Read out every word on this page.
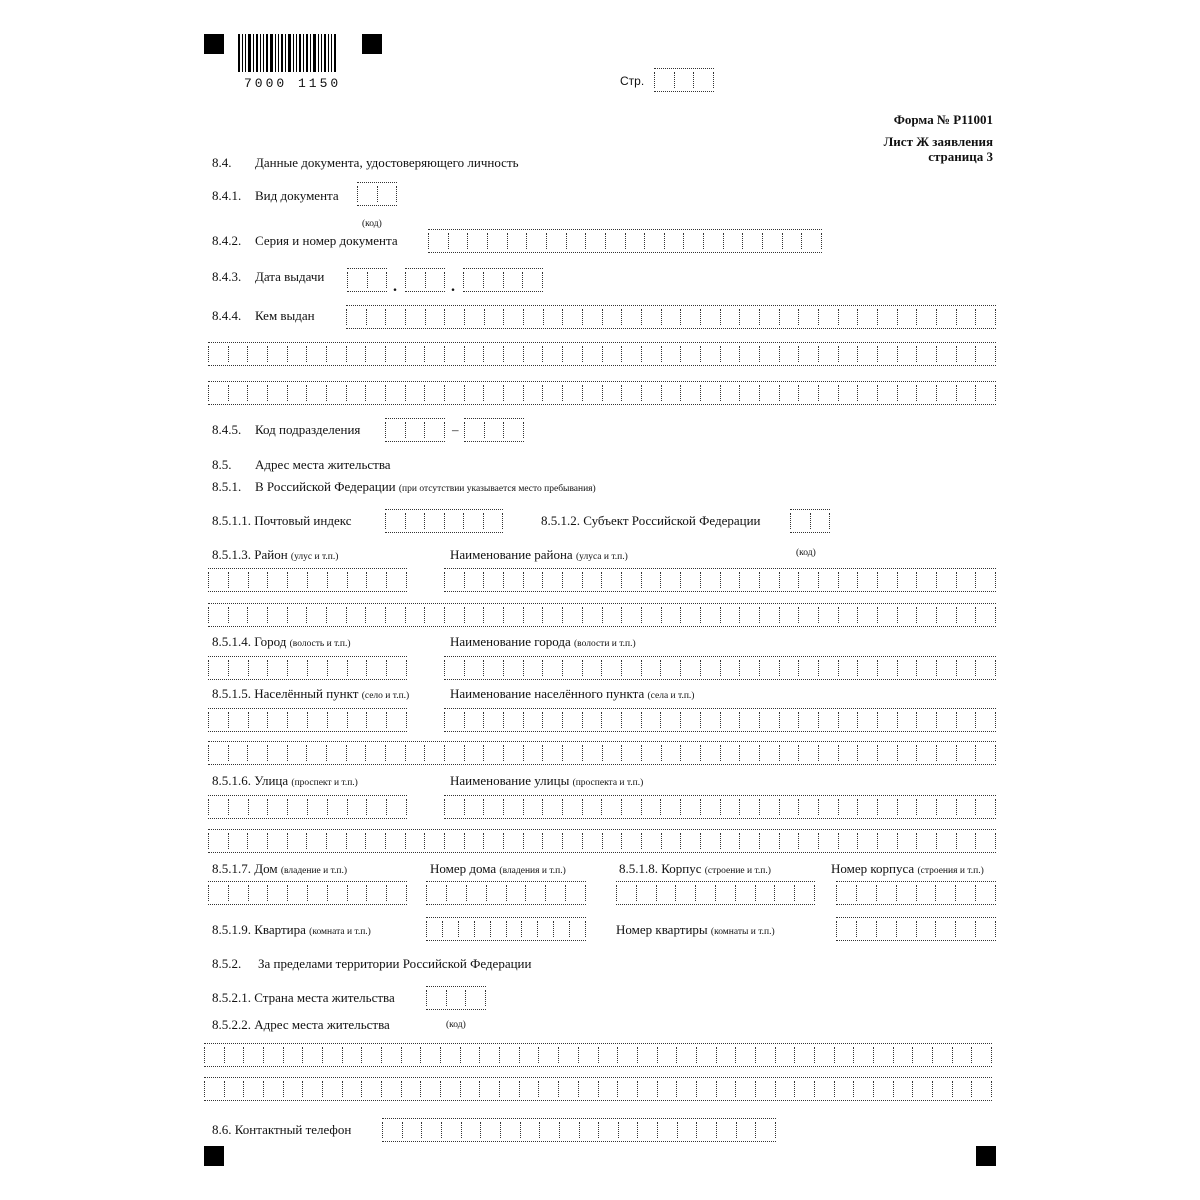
7000 1150	Стр.
Форма № Р11001
Лист Ж заявления
страница 3
8.4. Данные документа, удостоверяющего личность
8.4.1. Вид документа
(код)
8.4.2. Серия и номер документа
8.4.3. Дата выдачи
.	.
8.4.4. Кем выдан
8.4.5. Код подразделения	–
8.5. Адрес места жительства
8.5.1. В Российской Федерации (при отсутствии указывается место пребывания)
8.5.1.1. Почтовый индекс	8.5.1.2. Субъект Российской Федерации
(код)
8.5.1.3. Район (улус и т.п.)	Наименование района (улуса и т.п.)
8.5.1.4. Город (волость и т.п.)	Наименование города (волости и т.п.)
8.5.1.5. Населённый пункт (село и т.п.)	Наименование населённого пункта (села и т.п.)
8.5.1.6. Улица (проспект и т.п.)	Наименование улицы (проспекта и т.п.)
8.5.1.7. Дом (владение и т.п.)	Номер дома (владения и т.п.)	8.5.1.8. Корпус (строение и т.п.)	Номер корпуса (строения и т.п.)
8.5.1.9. Квартира (комната и т.п.)	Номер квартиры (комнаты и т.п.)
8.5.2. За пределами территории Российской Федерации
8.5.2.1. Страна места жительства
8.5.2.2. Адрес места жительства	(код)
8.6. Контактный телефон
